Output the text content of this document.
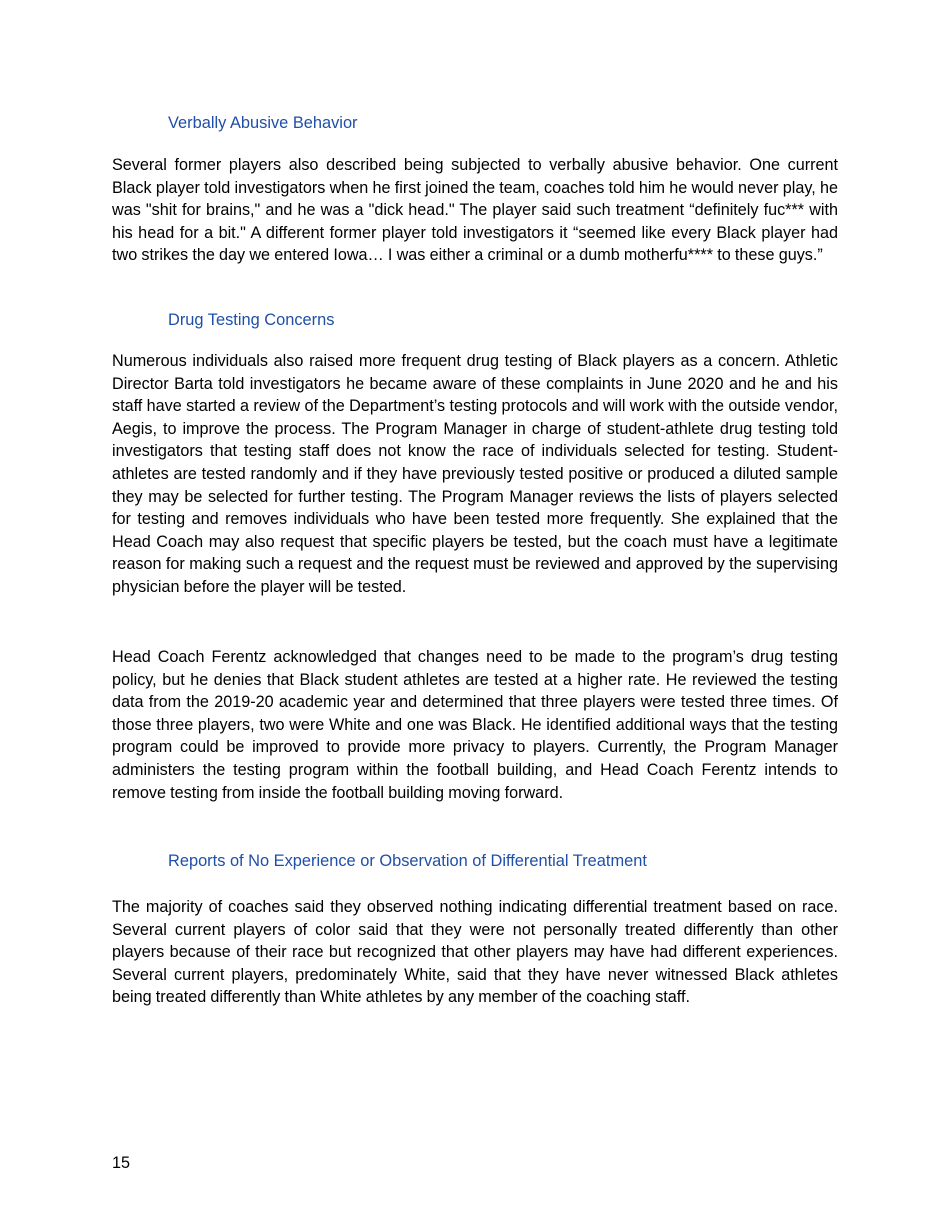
Verbally Abusive Behavior

Several former players also described being subjected to verbally abusive behavior. One current Black player told investigators when he first joined the team, coaches told him he would never play, he was "shit for brains," and he was a "dick head." The player said such treatment “definitely fuc*** with his head for a bit." A different former player told investigators it “seemed like every Black player had two strikes the day we entered Iowa… I was either a criminal or a dumb motherfu**** to these guys.”

Drug Testing Concerns

Numerous individuals also raised more frequent drug testing of Black players as a concern. Athletic Director Barta told investigators he became aware of these complaints in June 2020 and he and his staff have started a review of the Department’s testing protocols and will work with the outside vendor, Aegis, to improve the process. The Program Manager in charge of student-athlete drug testing told investigators that testing staff does not know the race of individuals selected for testing. Student-athletes are tested randomly and if they have previously tested positive or produced a diluted sample they may be selected for further testing. The Program Manager reviews the lists of players selected for testing and removes individuals who have been tested more frequently. She explained that the Head Coach may also request that specific players be tested, but the coach must have a legitimate reason for making such a request and the request must be reviewed and approved by the supervising physician before the player will be tested.

Head Coach Ferentz acknowledged that changes need to be made to the program’s drug testing policy, but he denies that Black student athletes are tested at a higher rate. He reviewed the testing data from the 2019-20 academic year and determined that three players were tested three times. Of those three players, two were White and one was Black. He identified additional ways that the testing program could be improved to provide more privacy to players. Currently, the Program Manager administers the testing program within the football building, and Head Coach Ferentz intends to remove testing from inside the football building moving forward.

Reports of No Experience or Observation of Differential Treatment

The majority of coaches said they observed nothing indicating differential treatment based on race. Several current players of color said that they were not personally treated differently than other players because of their race but recognized that other players may have had different experiences. Several current players, predominately White, said that they have never witnessed Black athletes being treated differently than White athletes by any member of the coaching staff.

15
